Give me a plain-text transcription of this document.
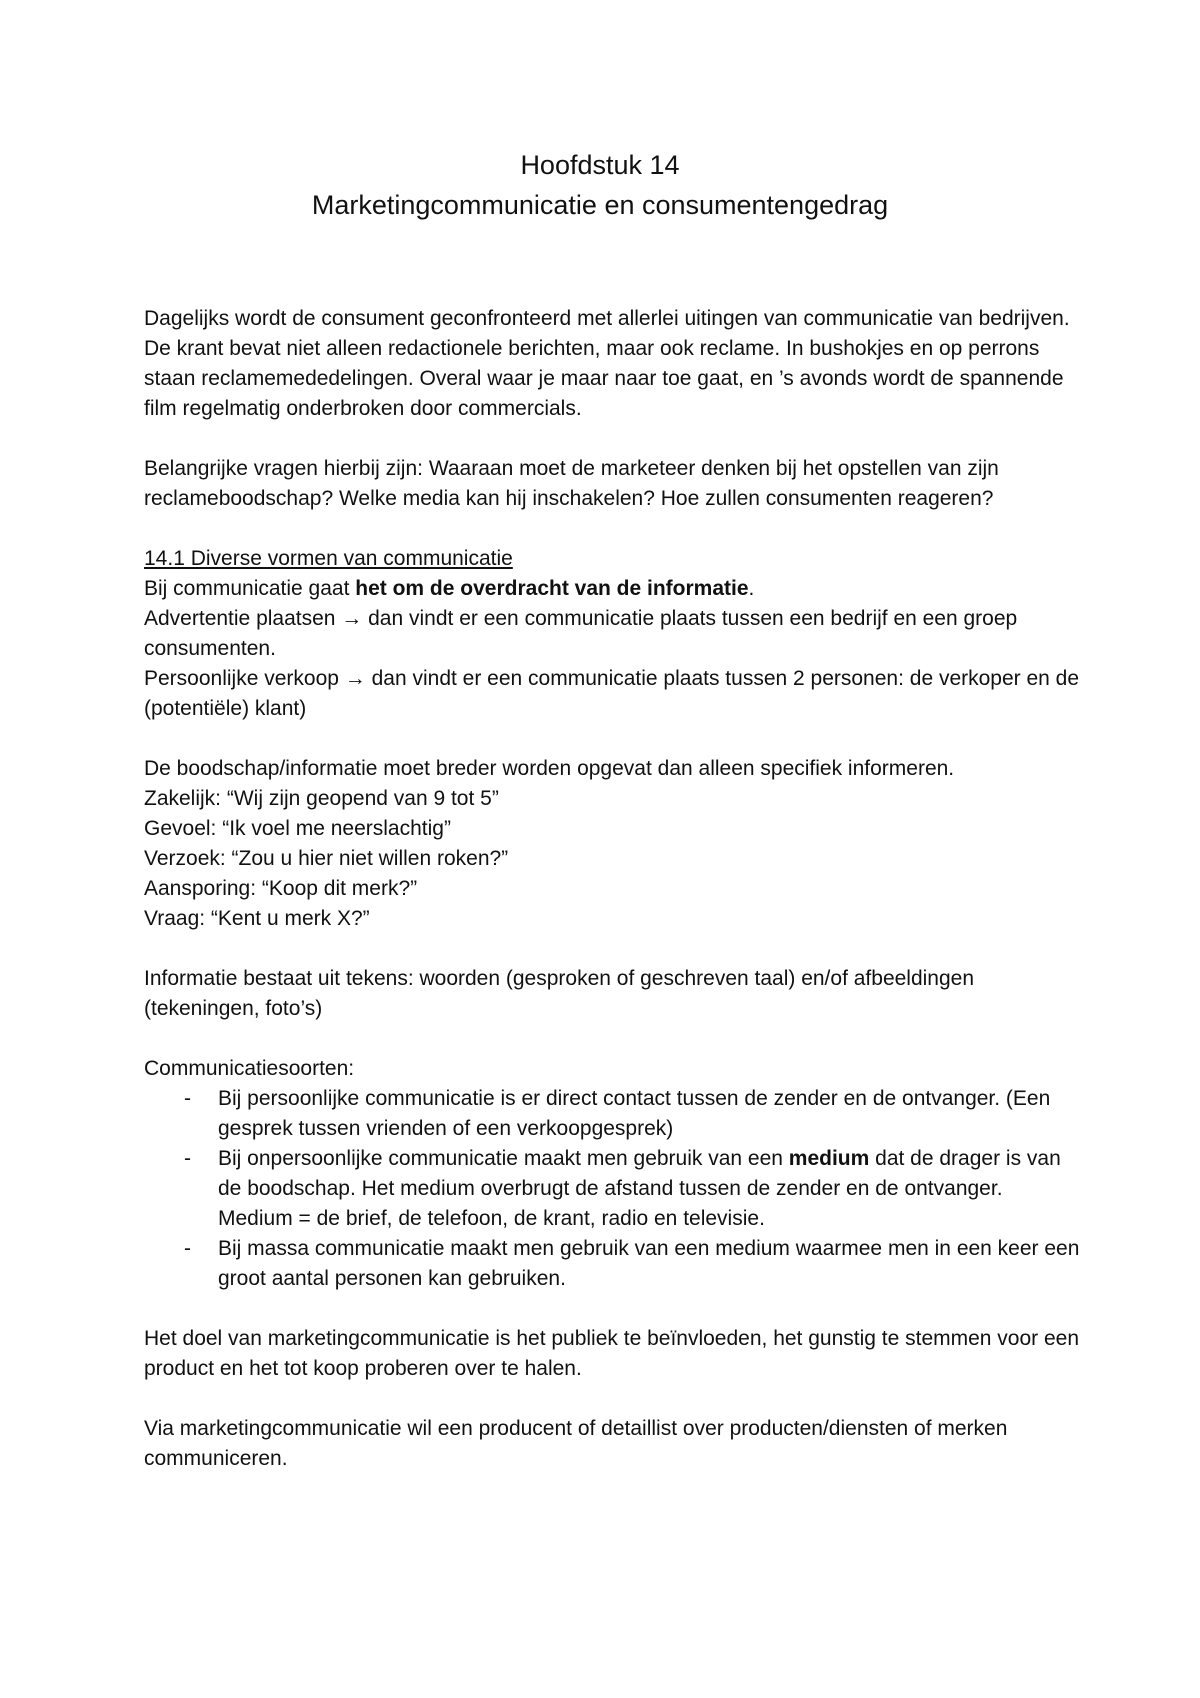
Hoofdstuk 14
Marketingcommunicatie en consumentengedrag

Dagelijks wordt de consument geconfronteerd met allerlei uitingen van communicatie van bedrijven. De krant bevat niet alleen redactionele berichten, maar ook reclame. In bushokjes en op perrons staan reclamemededelingen. Overal waar je maar naar toe gaat, en ’s avonds wordt de spannende film regelmatig onderbroken door commercials.

Belangrijke vragen hierbij zijn: Waaraan moet de marketeer denken bij het opstellen van zijn reclameboodschap? Welke media kan hij inschakelen? Hoe zullen consumenten reageren?

14.1 Diverse vormen van communicatie

Bij communicatie gaat het om de overdracht van de informatie.

Advertentie plaatsen → dan vindt er een communicatie plaats tussen een bedrijf en een groep consumenten.

Persoonlijke verkoop → dan vindt er een communicatie plaats tussen 2 personen: de verkoper en de (potentiële) klant)

De boodschap/informatie moet breder worden opgevat dan alleen specifiek informeren.

Zakelijk: “Wij zijn geopend van 9 tot 5”

Gevoel: “Ik voel me neerslachtig”

Verzoek: “Zou u hier niet willen roken?”

Aansporing: “Koop dit merk?”

Vraag: “Kent u merk X?”

Informatie bestaat uit tekens: woorden (gesproken of geschreven taal) en/of afbeeldingen (tekeningen, foto’s)

Communicatiesoorten:

- Bij persoonlijke communicatie is er direct contact tussen de zender en de ontvanger. (Een gesprek tussen vrienden of een verkoopgesprek)
- Bij onpersoonlijke communicatie maakt men gebruik van een medium dat de drager is van de boodschap. Het medium overbrugt de afstand tussen de zender en de ontvanger.
Medium = de brief, de telefoon, de krant, radio en televisie.
- Bij massa communicatie maakt men gebruik van een medium waarmee men in een keer een groot aantal personen kan gebruiken.

Het doel van marketingcommunicatie is het publiek te beïnvloeden, het gunstig te stemmen voor een product en het tot koop proberen over te halen.

Via marketingcommunicatie wil een producent of detaillist over producten/diensten of merken communiceren.
